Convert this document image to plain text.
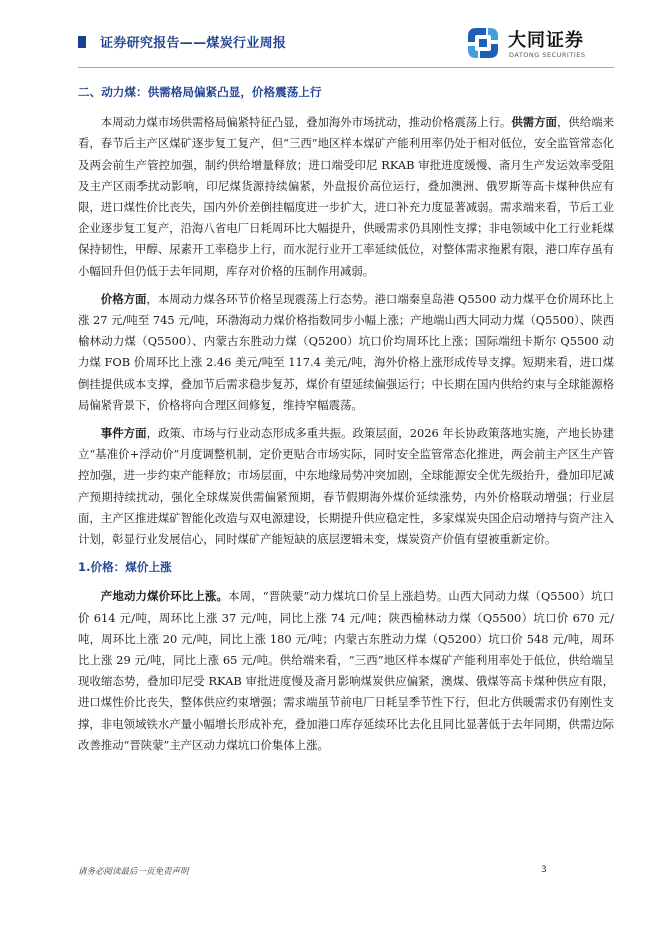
证券研究报告——煤炭行业周报	大同证券
DATONG SECURITIES
二、动力煤：供需格局偏紧凸显，价格震荡上行

本周动力煤市场供需格局偏紧特征凸显，叠加海外市场扰动，推动价格震荡上行。供需方面，供给端来看，春节后主产区煤矿逐步复工复产，但“三西”地区样本煤矿产能利用率仍处于相对低位，安全监管常态化及两会前生产管控加强，制约供给增量释放；进口端受印尼 RKAB 审批进度缓慢、斋月生产发运效率受阻及主产区雨季扰动影响，印尼煤货源持续偏紧，外盘报价高位运行，叠加澳洲、俄罗斯等高卡煤种供应有限，进口煤性价比丧失，国内外价差倒挂幅度进一步扩大，进口补充力度显著减弱。需求端来看，节后工业企业逐步复工复产，沿海八省电厂日耗周环比大幅提升，供暖需求仍具刚性支撑；非电领域中化工行业耗煤保持韧性，甲醇、尿素开工率稳步上行，而水泥行业开工率延续低位，对整体需求拖累有限，港口库存虽有小幅回升但仍低于去年同期，库存对价格的压制作用减弱。

价格方面，本周动力煤各环节价格呈现震荡上行态势。港口端秦皇岛港 Q5500 动力煤平仓价周环比上涨 27 元/吨至 745 元/吨，环渤海动力煤价格指数同步小幅上涨；产地端山西大同动力煤（Q5500）、陕西榆林动力煤（Q5500）、内蒙古东胜动力煤（Q5200）坑口价均周环比上涨；国际端纽卡斯尔 Q5500 动力煤 FOB 价周环比上涨 2.46 美元/吨至 117.4 美元/吨，海外价格上涨形成传导支撑。短期来看，进口煤倒挂提供成本支撑，叠加节后需求稳步复苏，煤价有望延续偏强运行；中长期在国内供给约束与全球能源格局偏紧背景下，价格将向合理区间修复，维持窄幅震荡。

事件方面，政策、市场与行业动态形成多重共振。政策层面，2026 年长协政策落地实施，产地长协建立“基准价+浮动价”月度调整机制，定价更贴合市场实际，同时安全监管常态化推进，两会前主产区生产管控加强，进一步约束产能释放；市场层面，中东地缘局势冲突加剧，全球能源安全优先级抬升，叠加印尼减产预期持续扰动，强化全球煤炭供需偏紧预期，春节假期海外煤价延续涨势，内外价格联动增强；行业层面，主产区推进煤矿智能化改造与双电源建设，长期提升供应稳定性，多家煤炭央国企启动增持与资产注入计划，彰显行业发展信心，同时煤矿产能短缺的底层逻辑未变，煤炭资产价值有望被重新定价。

1.价格：煤价上涨

产地动力煤价环比上涨。本周，“晋陕蒙”动力煤坑口价呈上涨趋势。山西大同动力煤（Q5500）坑口价 614 元/吨，周环比上涨 37 元/吨，同比上涨 74 元/吨；陕西榆林动力煤（Q5500）坑口价 670 元/吨，周环比上涨 20 元/吨，同比上涨 180 元/吨；内蒙古东胜动力煤（Q5200）坑口价 548 元/吨，周环比上涨 29 元/吨，同比上涨 65 元/吨。供给端来看，“三西”地区样本煤矿产能利用率处于低位，供给端呈现收缩态势，叠加印尼受 RKAB 审批进度慢及斋月影响煤炭供应偏紧，澳煤、俄煤等高卡煤种供应有限，进口煤性价比丧失，整体供应约束增强；需求端虽节前电厂日耗呈季节性下行，但北方供暖需求仍有刚性支撑，非电领域铁水产量小幅增长形成补充，叠加港口库存延续环比去化且同比显著低于去年同期，供需边际改善推动“晋陕蒙”主产区动力煤坑口价集体上涨。

请务必阅读最后一页免责声明	3
